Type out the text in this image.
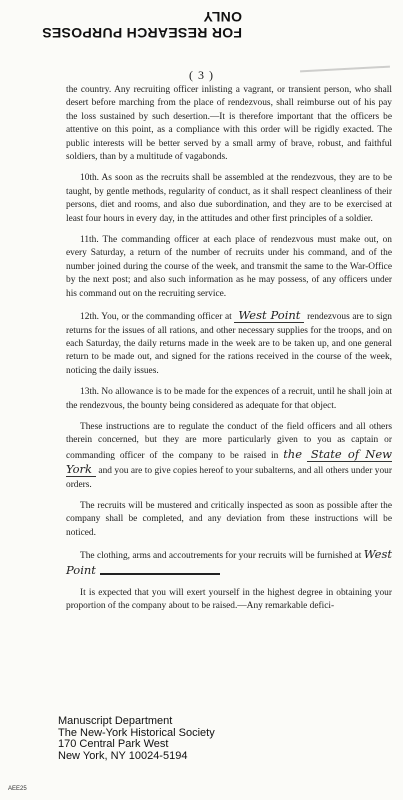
FOR RESEARCH PURPOSES ONLY
( 3 )

the country. Any recruiting officer inlisting a vagrant, or transient person, who shall desert before marching from the place of rendezvous, shall reimburse out of his pay the loss sustained by such desertion.—It is therefore important that the officers be attentive on this point, as a compliance with this order will be rigidly exacted. The public interests will be better served by a small army of brave, robust, and faithful soldiers, than by a multitude of vagabonds.

10th. As soon as the recruits shall be assembled at the rendezvous, they are to be taught, by gentle methods, regularity of conduct, as it shall respect cleanliness of their persons, diet and rooms, and also due subordination, and they are to be exercised at least four hours in every day, in the attitudes and other first principles of a soldier.

11th. The commanding officer at each place of rendezvous must make out, on every Saturday, a return of the number of recruits under his command, and of the number joined during the course of the week, and transmit the same to the War-Office by the next post; and also such information as he may possess, of any officers under his command out on the recruiting service.

12th. You, or the commanding officer at West Point rendezvous are to sign returns for the issues of all rations, and other necessary supplies for the troops, and on each Saturday, the daily returns made in the week are to be taken up, and one general return to be made out, and signed for the rations received in the course of the week, noticing the daily issues.

13th. No allowance is to be made for the expences of a recruit, until he shall join at the rendezvous, the bounty being considered as adequate for that object.

These instructions are to regulate the conduct of the field officers and all others therein concerned, but they are more particularly given to you as captain or commanding officer of the company to be raised in the State of New York and you are to give copies hereof to your subalterns, and all others under your orders.

The recruits will be mustered and critically inspected as soon as possible after the company shall be completed, and any deviation from these instructions will be noticed.

The clothing, arms and accoutrements for your recruits will be furnished at West Point

It is expected that you will exert yourself in the highest degree in obtaining your proportion of the company about to be raised.—Any remarkable defici-

Manuscript Department
The New-York Historical Society
170 Central Park West
New York, NY 10024-5194
AEE25
